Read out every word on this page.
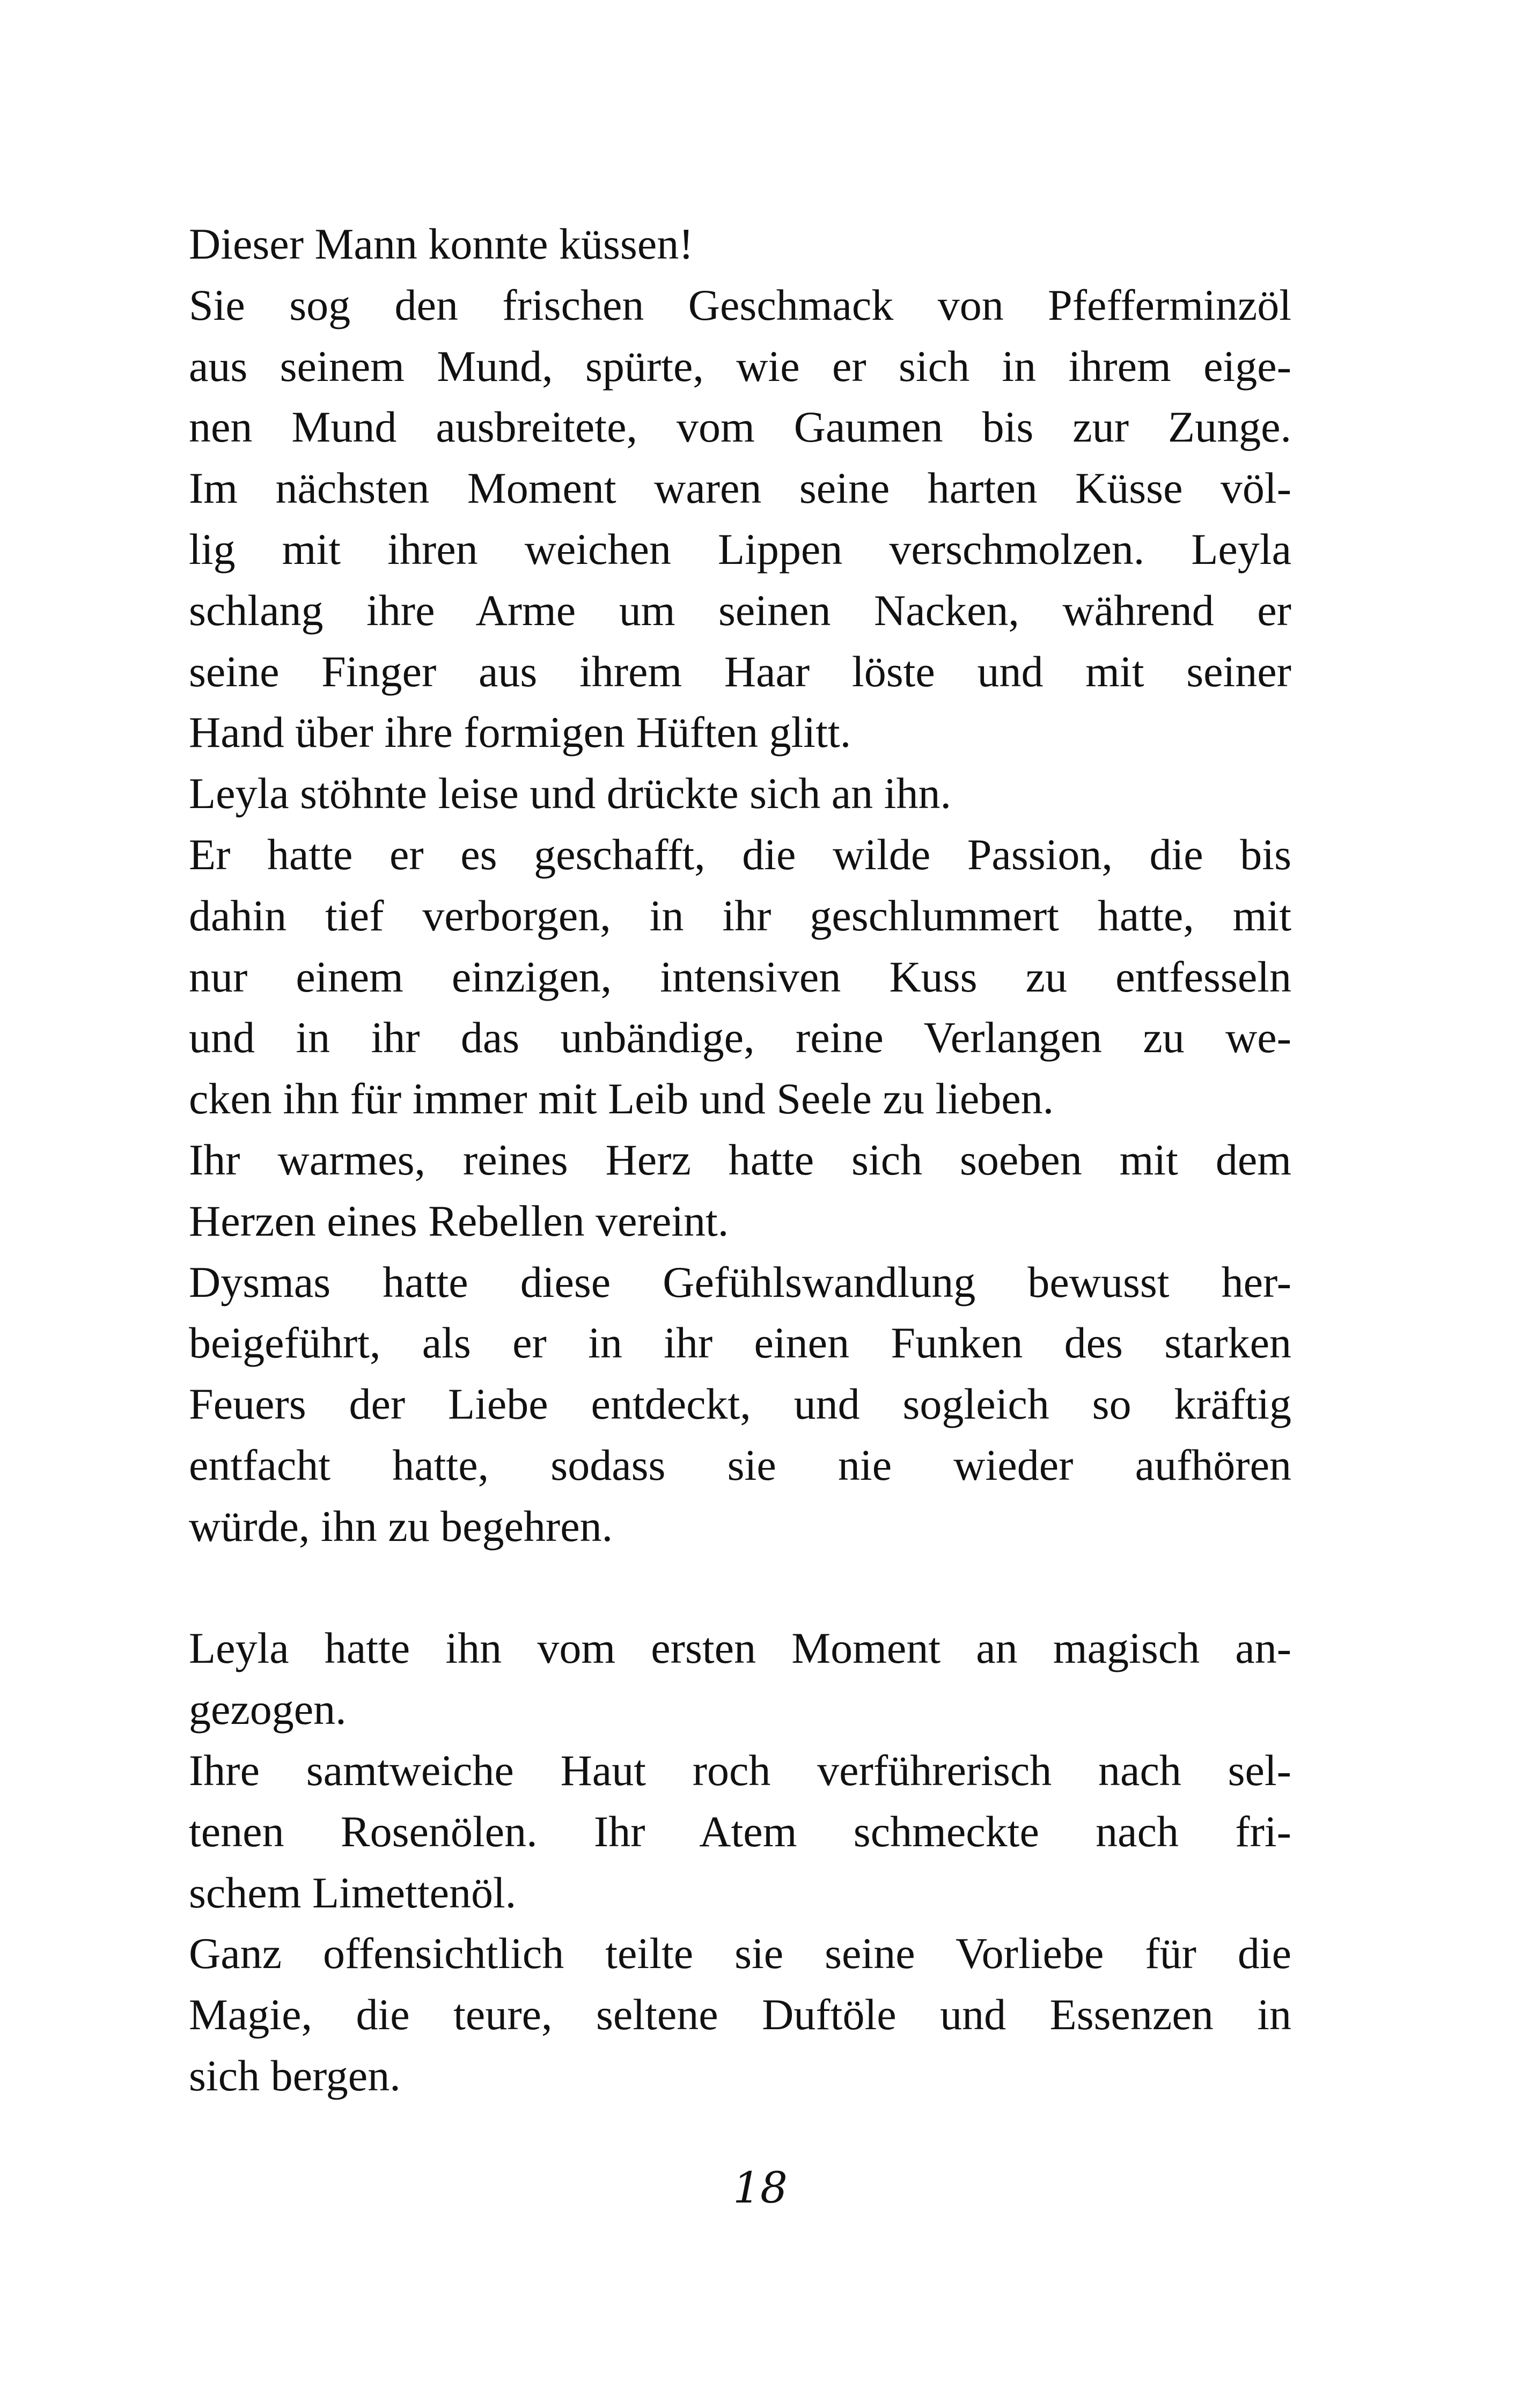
Dieser Mann konnte küssen!
Sie sog den frischen Geschmack von Pfefferminzöl
aus seinem Mund, spürte, wie er sich in ihrem eige-
nen Mund ausbreitete, vom Gaumen bis zur Zunge.
Im nächsten Moment waren seine harten Küsse völ-
lig mit ihren weichen Lippen verschmolzen. Leyla
schlang ihre Arme um seinen Nacken, während er
seine Finger aus ihrem Haar löste und mit seiner
Hand über ihre formigen Hüften glitt.
Leyla stöhnte leise und drückte sich an ihn.
Er hatte er es geschafft, die wilde Passion, die bis
dahin tief verborgen, in ihr geschlummert hatte, mit
nur einem einzigen, intensiven Kuss zu entfesseln
und in ihr das unbändige, reine Verlangen zu we-
cken ihn für immer mit Leib und Seele zu lieben.
Ihr warmes, reines Herz hatte sich soeben mit dem
Herzen eines Rebellen vereint.
Dysmas hatte diese Gefühlswandlung bewusst her-
beigeführt, als er in ihr einen Funken des starken
Feuers der Liebe entdeckt, und sogleich so kräftig
entfacht hatte, sodass sie nie wieder aufhören
würde, ihn zu begehren.
Leyla hatte ihn vom ersten Moment an magisch an-
gezogen.
Ihre samtweiche Haut roch verführerisch nach sel-
tenen Rosenölen. Ihr Atem schmeckte nach fri-
schem Limettenöl.
Ganz offensichtlich teilte sie seine Vorliebe für die
Magie, die teure, seltene Duftöle und Essenzen in
sich bergen.
18
